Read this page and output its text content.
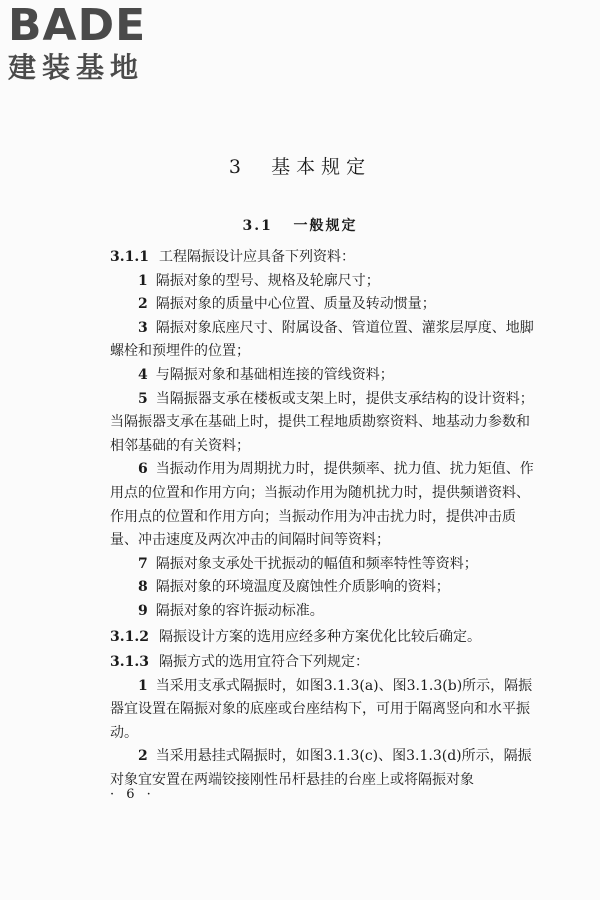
BADE
建装基地
3 基本规定
3.1 一般规定

3.1.1 工程隔振设计应具备下列资料：

1 隔振对象的型号、规格及轮廓尺寸；

2 隔振对象的质量中心位置、质量及转动惯量；

3 隔振对象底座尺寸、附属设备、管道位置、灌浆层厚度、地脚螺栓和预埋件的位置；

4 与隔振对象和基础相连接的管线资料；

5 当隔振器支承在楼板或支架上时，提供支承结构的设计资料；当隔振器支承在基础上时，提供工程地质勘察资料、地基动力参数和相邻基础的有关资料；

6 当振动作用为周期扰力时，提供频率、扰力值、扰力矩值、作用点的位置和作用方向；当振动作用为随机扰力时，提供频谱资料、作用点的位置和作用方向；当振动作用为冲击扰力时，提供冲击质量、冲击速度及两次冲击的间隔时间等资料；

7 隔振对象支承处干扰振动的幅值和频率特性等资料；

8 隔振对象的环境温度及腐蚀性介质影响的资料；

9 隔振对象的容许振动标准。

3.1.2 隔振设计方案的选用应经多种方案优化比较后确定。

3.1.3 隔振方式的选用宜符合下列规定：

1 当采用支承式隔振时，如图3.1.3(a)、图3.1.3(b)所示，隔振器宜设置在隔振对象的底座或台座结构下，可用于隔离竖向和水平振动。

2 当采用悬挂式隔振时，如图3.1.3(c)、图3.1.3(d)所示，隔振对象宜安置在两端铰接刚性吊杆悬挂的台座上或将隔振对象

· 6 ·
